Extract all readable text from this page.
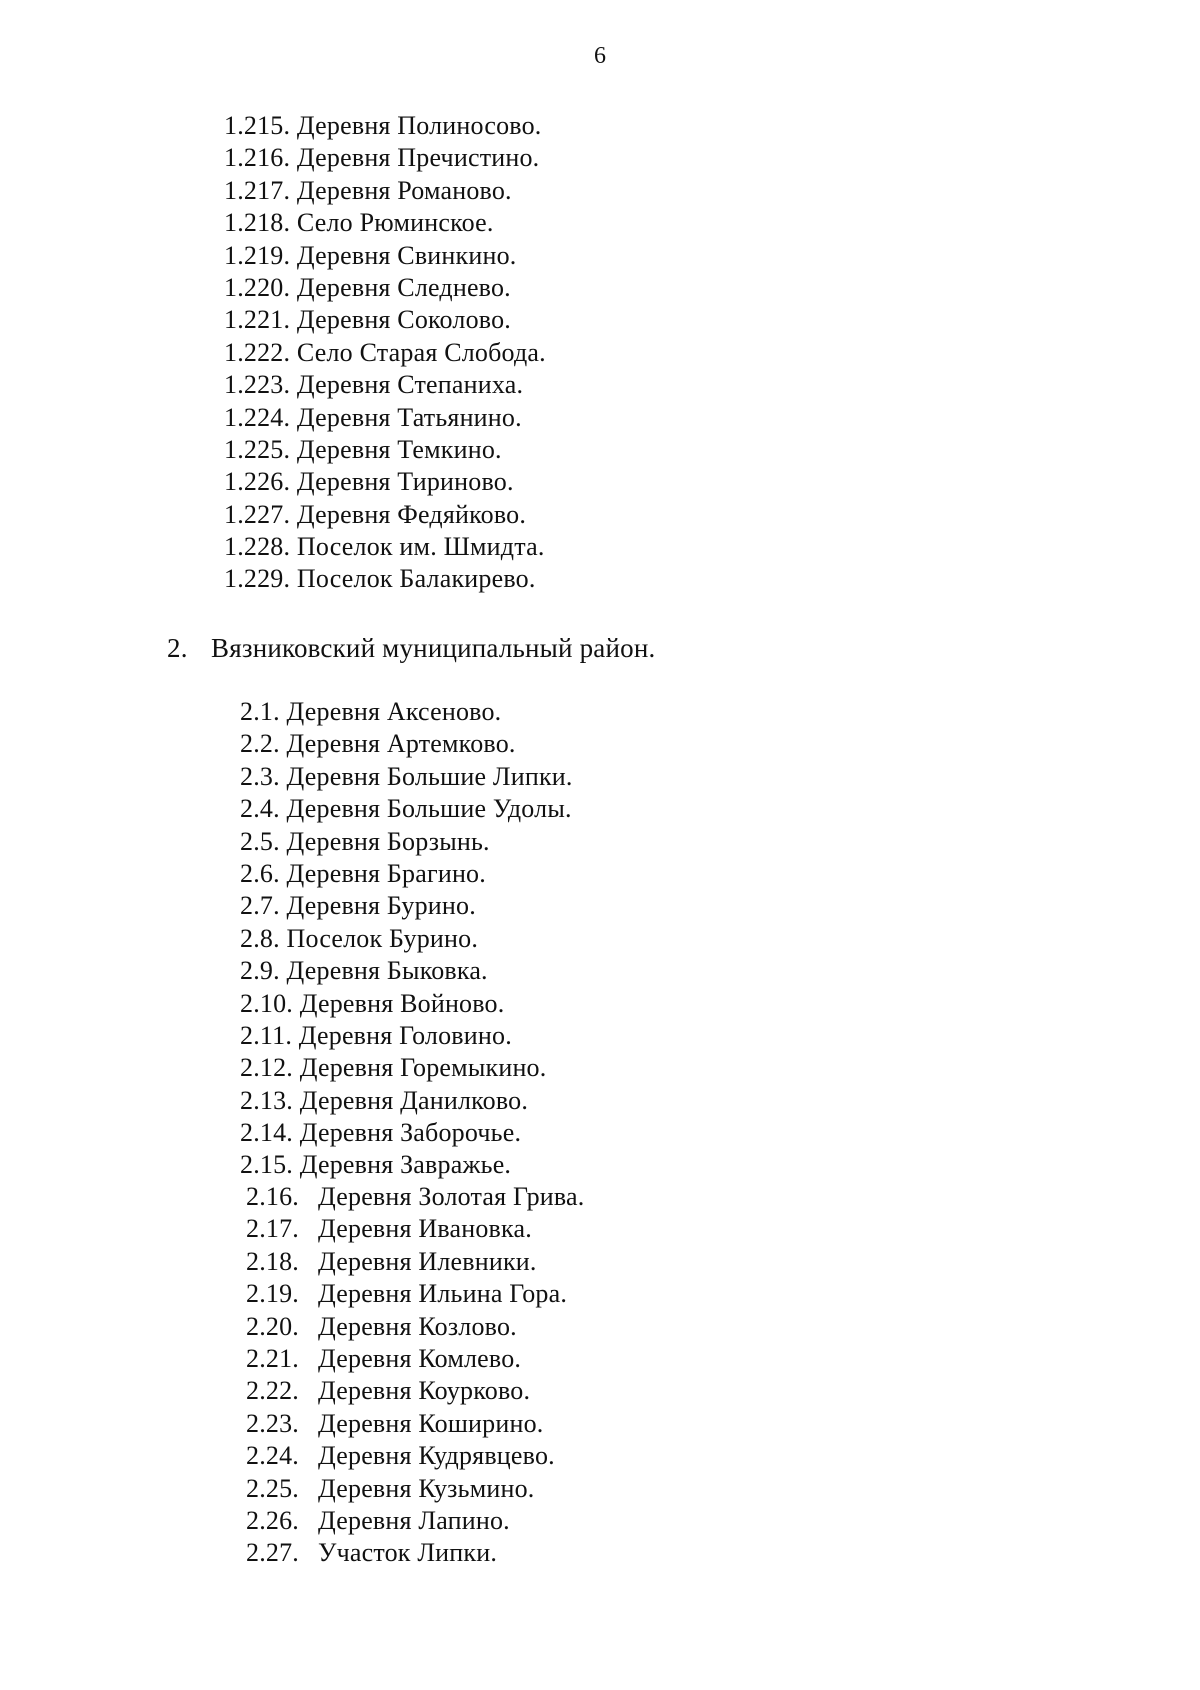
6
1.215. Деревня Полиносово.
1.216. Деревня Пречистино.
1.217. Деревня Романово.
1.218. Село Рюминское.
1.219. Деревня Свинкино.
1.220. Деревня Следнево.
1.221. Деревня Соколово.
1.222. Село Старая Слобода.
1.223. Деревня Степаниха.
1.224. Деревня Татьянино.
1.225. Деревня Темкино.
1.226. Деревня Тириново.
1.227. Деревня Федяйково.
1.228. Поселок им. Шмидта.
1.229. Поселок Балакирево.
2. Вязниковский муниципальный район.
2.1. Деревня Аксеново.
2.2. Деревня Артемково.
2.3. Деревня Большие Липки.
2.4. Деревня Большие Удолы.
2.5. Деревня Борзынь.
2.6. Деревня Брагино.
2.7. Деревня Бурино.
2.8. Поселок Бурино.
2.9. Деревня Быковка.
2.10. Деревня Войново.
2.11. Деревня Головино.
2.12. Деревня Горемыкино.
2.13. Деревня Данилково.
2.14. Деревня Заборочье.
2.15. Деревня Завражье.
2.16. Деревня Золотая Грива.
2.17. Деревня Ивановка.
2.18. Деревня Илевники.
2.19. Деревня Ильина Гора.
2.20. Деревня Козлово.
2.21. Деревня Комлево.
2.22. Деревня Коурково.
2.23. Деревня Коширино.
2.24. Деревня Кудрявцево.
2.25. Деревня Кузьмино.
2.26. Деревня Лапино.
2.27. Участок Липки.
